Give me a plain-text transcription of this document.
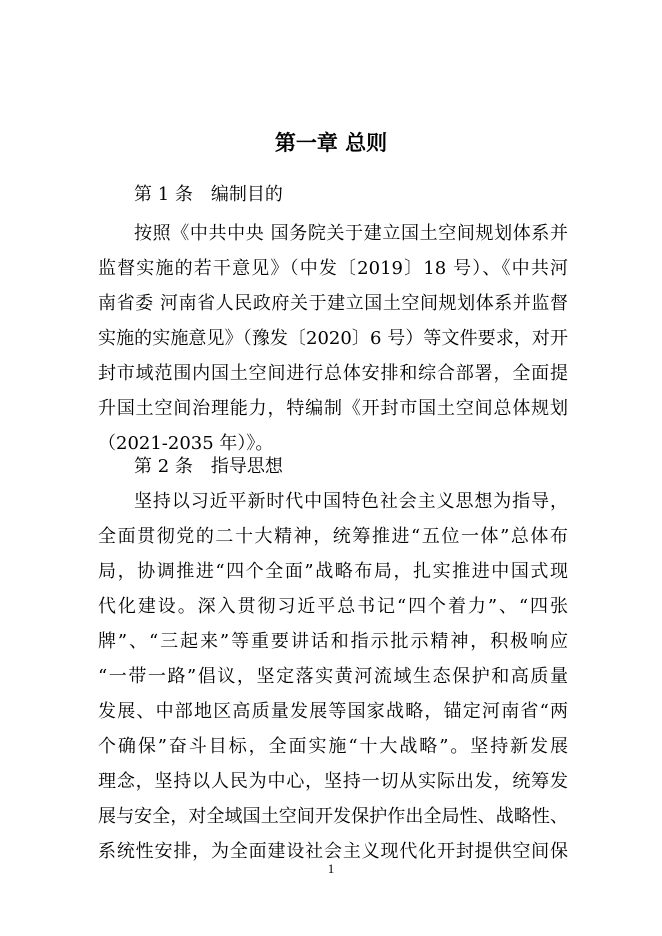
第一章 总则
第 1 条　编制目的
按照《中共中央 国务院关于建立国土空间规划体系并
监督实施的若干意见》（中发〔2019〕18 号）、《中共河
南省委 河南省人民政府关于建立国土空间规划体系并监督
实施的实施意见》（豫发〔2020〕6 号）等文件要求，对开
封市域范围内国土空间进行总体安排和综合部署，全面提
升国土空间治理能力，特编制《开封市国土空间总体规划
（2021-2035 年）》。
第 2 条　指导思想
坚持以习近平新时代中国特色社会主义思想为指导，
全面贯彻党的二十大精神，统筹推进“五位一体”总体布
局，协调推进“四个全面”战略布局，扎实推进中国式现
代化建设。深入贯彻习近平总书记“四个着力”、“四张
牌”、“三起来”等重要讲话和指示批示精神，积极响应
“一带一路”倡议，坚定落实黄河流域生态保护和高质量
发展、中部地区高质量发展等国家战略，锚定河南省“两
个确保”奋斗目标，全面实施“十大战略”。坚持新发展
理念，坚持以人民为中心，坚持一切从实际出发，统筹发
展与安全，对全域国土空间开发保护作出全局性、战略性、
系统性安排，为全面建设社会主义现代化开封提供空间保
1
